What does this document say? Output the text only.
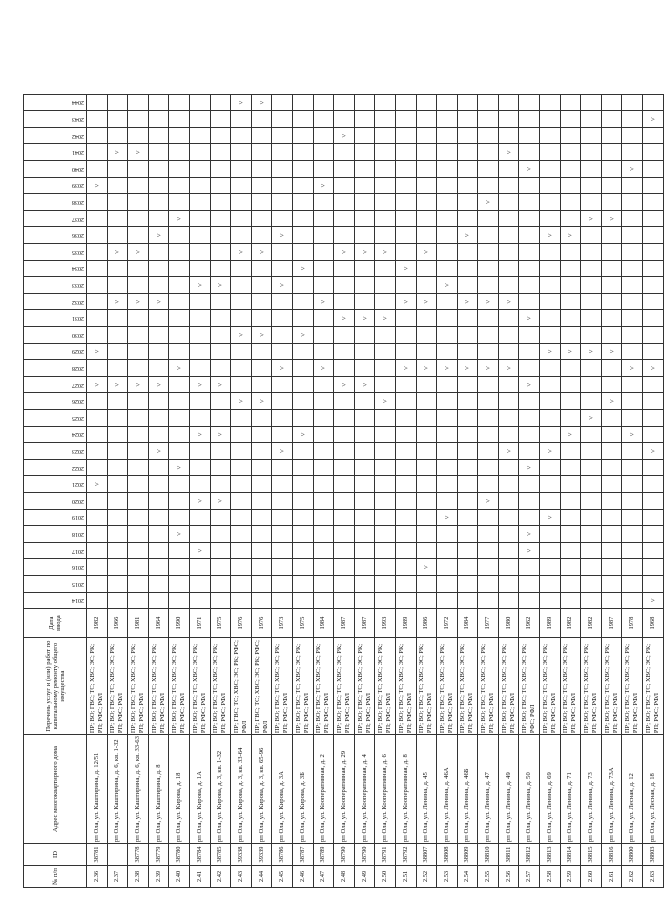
№ п/п	ID	Адрес многоквартирного дома	Перечень услуг и (или) работ по капитальному ремонту общего имущества	Дата ввода	2014	2015	2016	2017	2018	2019	2020	2021	2022	2023	2024	2025	2026	2027	2028	2029	2030	2031	2032	2033	2034	2035	2036	2037	2038	2039	2040	2041	2042	2043	2044

2.36	38781	рп Ола, ул. Каштирина, д. 12/51	ПР; ВО; ГВС; ТС; ХВС; ЭС; РК; РП; РФС; РФЛ	1982								˅						˅		˅										˅					
2.37		рп Ола, ул. Каштирина, д. 6, кв. 1-32	ПР; ВО; ГВС; ТС; ХВС; ЭС; РК; РП; РФС; РФЛ	1966														˅					˅			˅						˅			
2.38	38778	рп Ола, ул. Каштирина, д. 6, кв. 33-63	ПР; ВО; ГВС; ТС; ХВС; ЭС; РК; РП; РФС; РФЛ	1981														˅					˅			˅						˅			
2.39	38779	рп Ола, ул. Каштирина, д. 8	ПР; ВО; ГВС; ТС; ХВС; ЭС; РК; РП; РФС; РФЛ	1964										˅				˅					˅				˅								
2.40	38780	рп Ола, ул. Кирова, д. 18	ПР; ВО; ГВС; ТС; ХВС; ЭС; РК; РП; РФС; РФЛ	1990					˅				˅						˅									˅							
2.41	38784	рп Ола, ул. Кирова, д. 1А	ПР; ВО; ГВС; ТС; ХВС; ЭС; РК; РП; РФС; РФЛ	1971				˅			˅				˅			˅						˅											
2.42	38785	рп Ола, ул. Кирова, д. 3, кв. 1-32	ПР; ВО; ГВС; ТС; ХВС; ЭС; РК; РП; РФС; РФЛ	1975							˅				˅			˅						˅											
2.43	39338	рп Ола, ул. Кирова, д. 3, кв. 33-64	ПР; ГВС; ТС; ХВС; ЭС; РК; РФС; РФЛ	1976													˅				˅					˅									˅
2.44	39339	рп Ола, ул. Кирова, д. 3, кв. 65-96	ПР; ГВС; ТС; ХВС; ЭС; РК; РФС; РФЛ	1976													˅				˅					˅									˅
2.45	38786	рп Ола, ул. Кирова, д. 3А	ПР; ВО; ГВС; ТС; ХВС; ЭС; РК; РП; РФС; РФЛ	1973										˅					˅					˅			˅								
2.46	38787	рп Ола, ул. Кирова, д. 3Б	ПР; ВО; ГВС; ТС; ХВС; ЭС; РК; РП; РФС; РФЛ	1975											˅						˅				˅										
2.47	38789	рп Ола, ул. Кооперативная, д. 2	ПР; ВО; ГВС; ТС; ХВС; ЭС; РК; РП; РФС; РФЛ	1984															˅				˅							˅					
2.48	38790	рп Ола, ул. Кооперативная, д. 29	ПР; ВО; ГВС; ТС; ХВС; ЭС; РК; РП; РФС; РФЛ	1987														˅				˅				˅							˅		
2.49	38790	рп Ола, ул. Кооперативная, д. 4	ПР; ВО; ГВС; ТС; ХВС; ЭС; РК; РП; РФС; РФЛ	1987														˅				˅				˅									
2.50	38791	рп Ола, ул. Кооперативная, д. 6	ПР; ВО; ГВС; ТС; ХВС; ЭС; РК; РП; РФС; РФЛ	1993													˅					˅				˅									
2.51	38792	рп Ола, ул. Кооперативная, д. 8	ПР; ВО; ГВС; ТС; ХВС; ЭС; РК; РП; РФС; РФЛ	1989															˅				˅		˅										
2.52	38807	рп Ола, ул. Ленина, д. 45	ПР; ВО; ГВС; ТС; ХВС; ЭС; РК; РП; РФС; РФЛ	1986			˅												˅				˅			˅									
2.53	38808	рп Ола, ул. Ленина, д. 46А	ПР; ВО; ГВС; ТС; ХВС; ЭС; РК; РП; РФС; РФЛ	1972						˅									˅					˅											
2.54	38809	рп Ола, ул. Ленина, д. 46Б	ПР; ВО; ГВС; ТС; ХВС; ЭС; РК; РП; РФС; РФЛ	1984															˅				˅				˅								
2.55	38810	рп Ола, ул. Ленина, д. 47	ПР; ВО; ГВС; ТС; ХВС; ЭС; РК; РП; РФС; РФЛ	1977							˅								˅				˅						˅						
2.56	38811	рп Ола, ул. Ленина, д. 49	ПР; ВО; ГВС; ТС; ХВС; ЭС; РК; РП; РФС; РФЛ	1980										˅					˅				˅									˅			
2.57	38812	рп Ола, ул. Ленина, д. 50	ПР; ВО; ГВС; ТС; ХВС; ЭС; РК; РФС; РФЛ	1962				˅	˅				˅					˅				˅									˅				
2.58	38813	рп Ола, ул. Ленина, д. 69	ПР; ВО; ГВС; ТС; ХВС; ЭС; РК; РП; РФС; РФЛ	1989						˅				˅						˅							˅								
2.59	38814	рп Ола, ул. Ленина, д. 71	ПР; ВО; ГВС; ТС; ХВС; ЭС; РК; РП; РФС; РФЛ	1982											˅					˅							˅								
2.60	38815	рп Ола, ул. Ленина, д. 73	ПР; ВО; ГВС; ТС; ХВС; ЭС; РК; РП; РФС; РФЛ	1982												˅				˅								˅							
2.61	38816	рп Ола, ул. Ленина, д. 73А	ПР; ВО; ГВС; ТС; ХВС; ЭС; РК; РП; РФС; РФЛ	1987													˅			˅								˅							
2.62	38800	рп Ола, ул. Лесная, д. 12	ПР; ВО; ГВС; ТС; ХВС; ЭС; РК; РП; РФС; РФЛ	1978											˅				˅												˅				
2.63	38803	рп Ола, ул. Лесная, д. 18	ПР; ВО; ГВС; ТС; ХВС; ЭС; РК; РП; РФС; РФЛ	1968	˅									˅					˅															˅	
